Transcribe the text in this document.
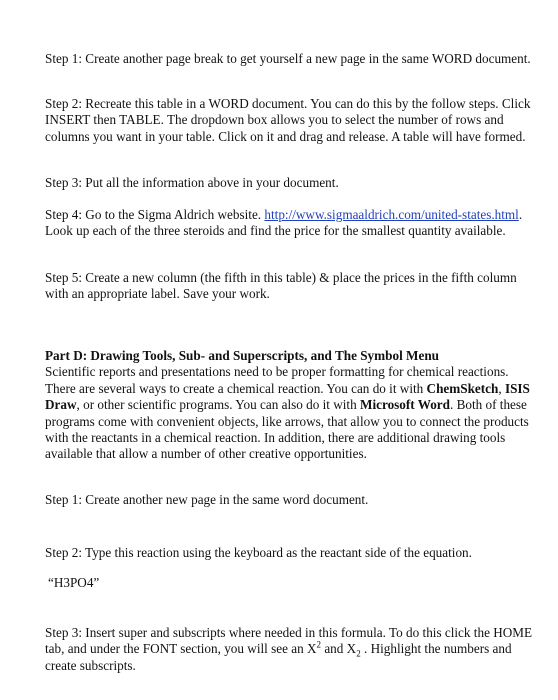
Step 1: Create another page break to get yourself a new page in the same WORD document.

Step 2: Recreate this table in a WORD document. You can do this by the follow steps. Click INSERT then TABLE. The dropdown box allows you to select the number of rows and columns you want in your table. Click on it and drag and release. A table will have formed.

Step 3: Put all the information above in your document.

Step 4: Go to the Sigma Aldrich website. http://www.sigmaaldrich.com/united-states.html. Look up each of the three steroids and find the price for the smallest quantity available.

Step 5: Create a new column (the fifth in this table) & place the prices in the fifth column with an appropriate label. Save your work.

Part D: Drawing Tools, Sub- and Superscripts, and The Symbol Menu
Scientific reports and presentations need to be proper formatting for chemical reactions. There are several ways to create a chemical reaction. You can do it with ChemSketch, ISIS Draw, or other scientific programs. You can also do it with Microsoft Word. Both of these programs come with convenient objects, like arrows, that allow you to connect the products with the reactants in a chemical reaction. In addition, there are additional drawing tools available that allow a number of other creative opportunities.

Step 1: Create another new page in the same word document.

Step 2: Type this reaction using the keyboard as the reactant side of the equation.

“H3PO4”

Step 3: Insert super and subscripts where needed in this formula. To do this click the HOME tab, and under the FONT section, you will see an $X^2$ and $X_2$ . Highlight the numbers and create subscripts.
